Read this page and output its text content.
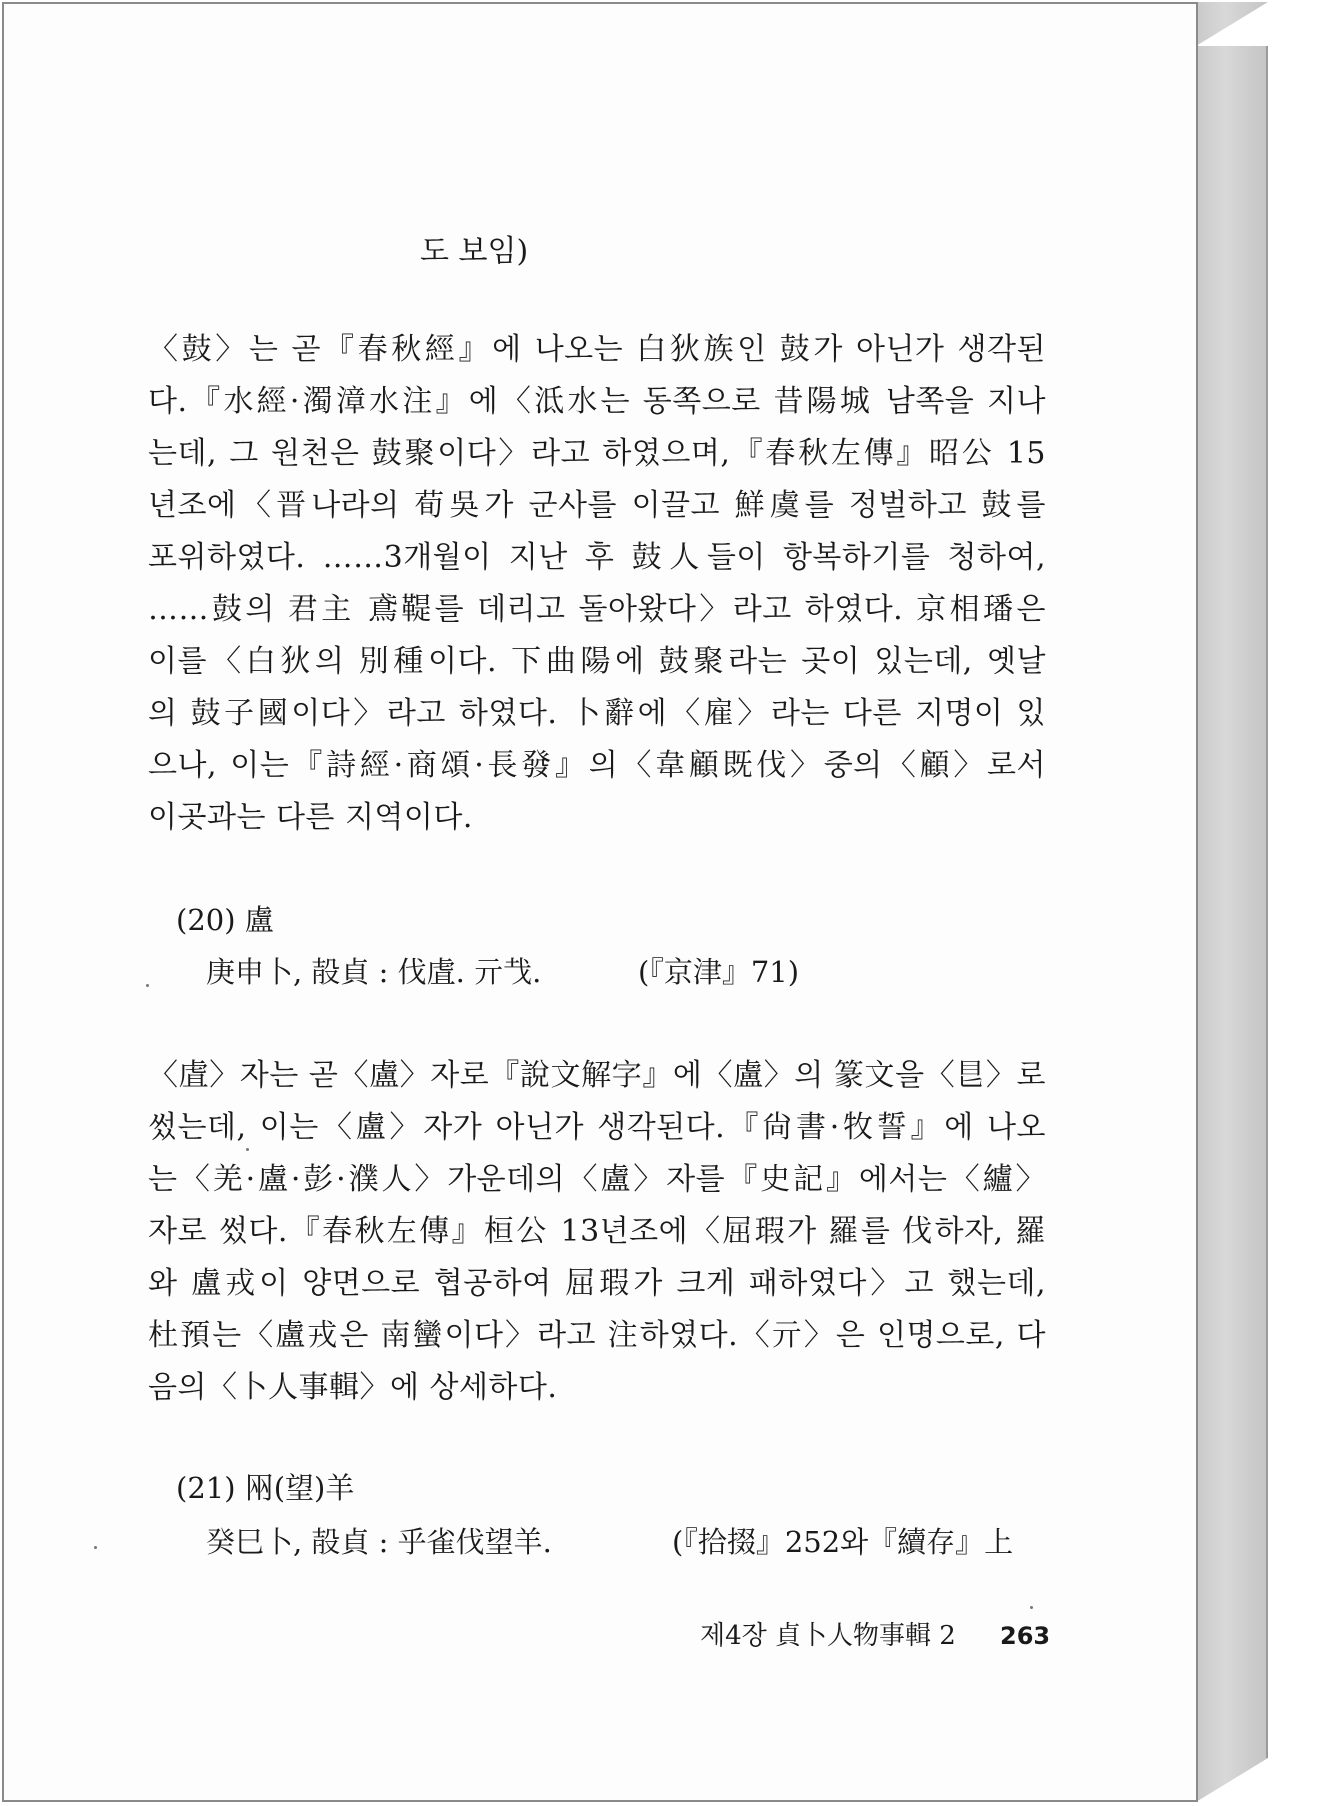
도 보임)
〈鼓〉는 곧『春秋經』에 나오는 白狄族인 鼓가 아닌가 생각된
다.『水經·濁漳水注』에〈泜水는 동쪽으로 昔陽城 남쪽을 지나
는데, 그 원천은 鼓聚이다〉라고 하였으며,『春秋左傳』昭公 15
년조에〈晋나라의 荀吳가 군사를 이끌고 鮮虞를 정벌하고 鼓를
포위하였다. ……3개월이 지난 후 鼓人들이 항복하기를 청하여,
……鼓의 君主 鳶鞮를 데리고 돌아왔다〉라고 하였다. 京相璠은
이를〈白狄의 別種이다. 下曲陽에 鼓聚라는 곳이 있는데, 옛날
의 鼓子國이다〉라고 하였다. 卜辭에〈雇〉라는 다른 지명이 있
으나, 이는『詩經·商頌·長發』의〈韋顧既伐〉중의〈顧〉로서
이곳과는 다른 지역이다.
(20) 盧
庚申卜, 㱿貞 : 伐虘. 亓𢦏.	(『京津』71)
〈虘〉자는 곧〈盧〉자로『說文解字』에〈盧〉의 篆文을〈𥃩〉로
썼는데, 이는〈盧〉자가 아닌가 생각된다.『尙書·牧誓』에 나오
는〈羌·盧·彭·濮人〉가운데의〈盧〉자를『史記』에서는〈纑〉
자로 썼다.『春秋左傳』桓公 13년조에〈屈瑕가 羅를 伐하자, 羅
와 盧戎이 양면으로 협공하여 屈瑕가 크게 패하였다〉고 했는데,
杜預는〈盧戎은 南蠻이다〉라고 注하였다.〈亓〉은 인명으로, 다
음의〈卜人事輯〉에 상세하다.
(21) 㒳(望)羊
癸巳卜, 㱿貞 : 乎雀伐望羊.	(『拾掇』252와『續存』上
제4장 貞卜人物事輯 2 263
